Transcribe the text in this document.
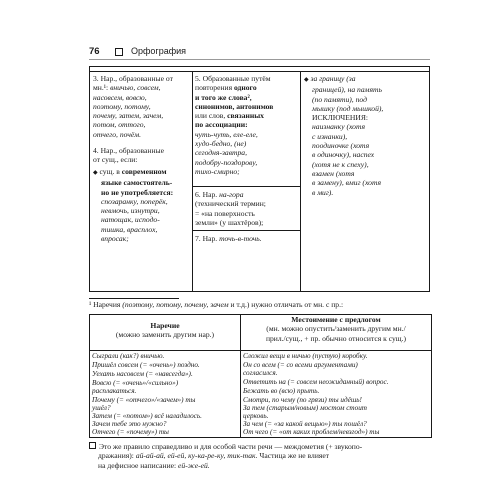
76	Орфография

3. Нар., образованные от

мн.¹: вничью, совсем,

насовсем, вовсю,

поэтому, потому,

почему, затем, зачем,

потом, оттого,

отчего, почём.

4. Нар., образованные

от сущ., если:

◆ сущ. в современном

языке самостоятель-

но не употребляется:

спозаранку, поперёк,

невмочь, изнутри,

натощак, исподо-

тишка, врасплох,

впросак;

5. Образованные путём

повторения одного

и того же слова²,

синонимов, антонимов

или слов, связанных

по ассоциации:

чуть-чуть, еле-еле,

худо-бедно, (не)

сегодня-завтра,

подобру-поздорову,

тихо-смирно;

6. Нар. на-гора

(технический термин;

= «на поверхность

земли» (у шахтёров);

7. Нар. точь-в-точь.

◆ за границу (за

границей), на память

(по памяти), под

мышку (под мышкой),

ИСКЛЮЧЕНИЯ:

наизнанку (хотя

с изнанки),

поодиночке (хотя

в одиночку), наспех

(хотя не к спеху),

взамен (хотя

в замену), вмиг (хотя

в миг).

¹ Наречия (поэтому, потому, почему, зачем и т.д.) нужно отличать от мн. с пр.:
Наречие
(можно заменить другим нар.)
Местоимение с предлогом
(мн. можно опустить/заменить другим мн./
прил./сущ., + пр. обычно относится к сущ.)
Сыграли (как?) вничью.
Пришёл совсем (= «очень») поздно.
Уехать насовсем (= «навсегда»).
Вовсю (= «очень»/«сильно»)
расплакаться.
Почему (= «отчего»/«зачем») ты
ушёл?
Затем (= «потом») всё наладилось.
Зачем тебе это нужно?
Отчего (= «почему») ты
Сложил вещи в ничью (пустую) коробку.
Он со всем (= со всеми аргументами)
согласился.
Ответить на (= совсем неожиданный) вопрос.
Бежать во (всю) прыть.
Смотри, по чему (по грязи) ты идёшь!
За тем (старым/новым) мостом стоит
церковь.
За чем (= «за какой вещью») ты пошёл?
От чего (= «от каких проблем/невзгод») ты
Это же правило справедливо и для особой части речи — междометия (+ звукопо-
дражания): ай-ай-ай, ей-ей, ку-ка-ре-ку, тик-так. Частица же не влияет
на дефисное написание: ей-же-ей.
